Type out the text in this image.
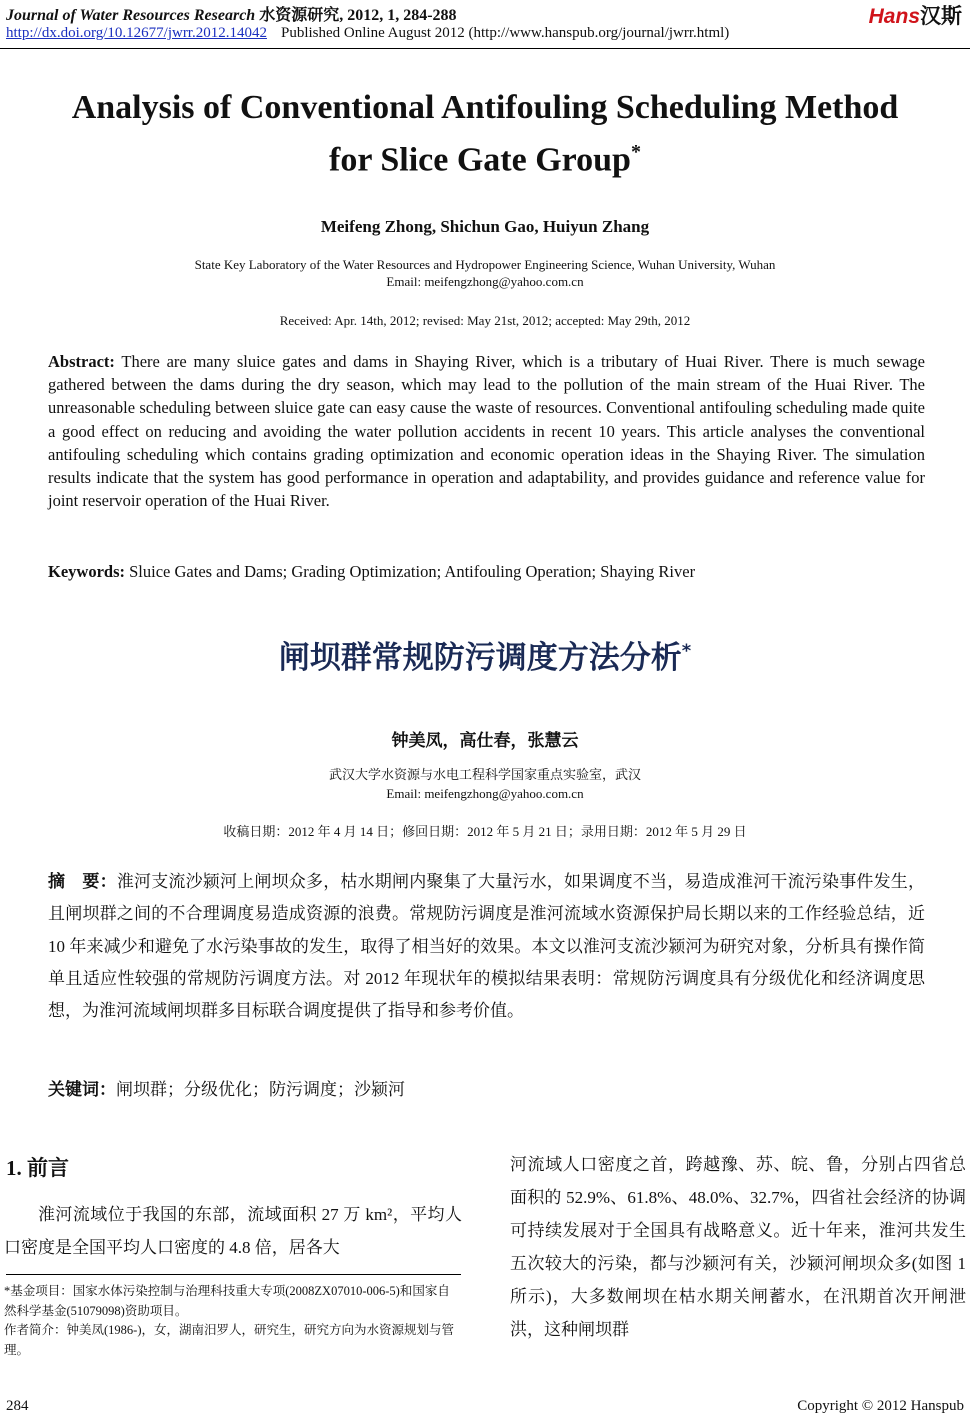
Journal of Water Resources Research 水资源研究, 2012, 1, 284-288	Hans汉斯
http://dx.doi.org/10.12677/jwrr.2012.14042 Published Online August 2012 (http://www.hanspub.org/journal/jwrr.html)
Analysis of Conventional Antifouling Scheduling Method
for Slice Gate Group*
Meifeng Zhong, Shichun Gao, Huiyun Zhang
State Key Laboratory of the Water Resources and Hydropower Engineering Science, Wuhan University, Wuhan
Email: meifengzhong@yahoo.com.cn
Received: Apr. 14th, 2012; revised: May 21st, 2012; accepted: May 29th, 2012
Abstract: There are many sluice gates and dams in Shaying River, which is a tributary of Huai River. There is much sewage gathered between the dams during the dry season, which may lead to the pollution of the main stream of the Huai River. The unreasonable scheduling between sluice gate can easy cause the waste of resources. Conventional antifouling scheduling made quite a good effect on reducing and avoiding the water pollution accidents in recent 10 years. This article analyses the conventional antifouling scheduling which contains grading optimization and economic operation ideas in the Shaying River. The simulation results indicate that the system has good performance in operation and adaptability, and provides guidance and reference value for joint reservoir operation of the Huai River.
Keywords: Sluice Gates and Dams; Grading Optimization; Antifouling Operation; Shaying River
闸坝群常规防污调度方法分析*
钟美凤，高仕春，张慧云
武汉大学水资源与水电工程科学国家重点实验室，武汉
Email: meifengzhong@yahoo.com.cn
收稿日期：2012 年 4 月 14 日；修回日期：2012 年 5 月 21 日；录用日期：2012 年 5 月 29 日
摘　要：淮河支流沙颍河上闸坝众多，枯水期闸内聚集了大量污水，如果调度不当，易造成淮河干流污染事件发生，且闸坝群之间的不合理调度易造成资源的浪费。常规防污调度是淮河流域水资源保护局长期以来的工作经验总结，近 10 年来减少和避免了水污染事故的发生，取得了相当好的效果。本文以淮河支流沙颍河为研究对象，分析具有操作简单且适应性较强的常规防污调度方法。对 2012 年现状年的模拟结果表明：常规防污调度具有分级优化和经济调度思想，为淮河流域闸坝群多目标联合调度提供了指导和参考价值。
关键词：闸坝群；分级优化；防污调度；沙颍河
1. 前言
淮河流域位于我国的东部，流域面积 27 万 km²，平均人口密度是全国平均人口密度的 4.8 倍，居各大
河流域人口密度之首，跨越豫、苏、皖、鲁，分别占四省总面积的 52.9%、61.8%、48.0%、32.7%，四省社会经济的协调可持续发展对于全国具有战略意义。近十年来，淮河共发生五次较大的污染，都与沙颍河有关，沙颍河闸坝众多(如图 1 所示)，大多数闸坝在枯水期关闸蓄水，在汛期首次开闸泄洪，这种闸坝群
*基金项目：国家水体污染控制与治理科技重大专项(2008ZX07010-006-5)和国家自然科学基金(51079098)资助项目。
作者简介：钟美凤(1986-)，女，湖南汨罗人，研究生，研究方向为水资源规划与管理。
284	Copyright © 2012 Hanspub
